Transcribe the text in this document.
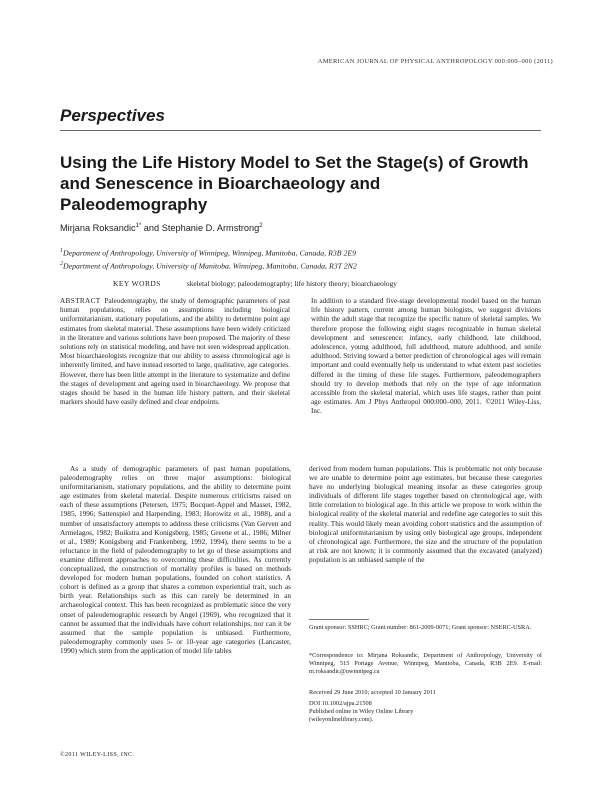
AMERICAN JOURNAL OF PHYSICAL ANTHROPOLOGY 000:000–000 (2011)
Perspectives
Using the Life History Model to Set the Stage(s) of Growth and Senescence in Bioarchaeology and Paleodemography
Mirjana Roksandic$^{1*}$ and Stephanie D. Armstrong$^2$
$^1$Department of Anthropology, University of Winnipeg, Winnipeg, Manitoba, Canada, R3B 2E9
$^2$Department of Anthropology, University of Manitoba, Winnipeg, Manitoba, Canada, R3T 2N2
KEY WORDS	skeletal biology; paleodemography; life history theory; bioarchaeology
ABSTRACT Paleodemography, the study of demographic parameters of past human populations, relies on assumptions including biological uniformitarianism, stationary populations, and the ability to determine point age estimates from skeletal material. These assumptions have been widely criticized in the literature and various solutions have been proposed. The majority of these solutions rely on statistical modeling, and have not seen widespread application. Most bioarchaeologists recognize that our ability to assess chronological age is inherently limited, and have instead resorted to large, qualitative, age categories. However, there has been little attempt in the literature to systematize and define the stages of development and ageing used in bioarchaeology. We propose that stages should be based in the human life history pattern, and their skeletal markers should have easily defined and clear endpoints.
In addition to a standard five-stage developmental model based on the human life history pattern, current among human biologists, we suggest divisions within the adult stage that recognize the specific nature of skeletal samples. We therefore propose the following eight stages recognizable in human skeletal development and senescence: infancy, early childhood, late childhood, adolescence, young adulthood, full adulthood, mature adulthood, and senile adulthood. Striving toward a better prediction of chronological ages will remain important and could eventually help us understand to what extent past societies differed in the timing of these life stages. Furthermore, paleodemographers should try to develop methods that rely on the type of age information accessible from the skeletal material, which uses life stages, rather than point age estimates. Am J Phys Anthropol 000:000–000, 2011. ©2011 Wiley-Liss, Inc.

As a study of demographic parameters of past human populations, paleodemography relies on three major assumptions: biological uniformitarianism, stationary populations, and the ability to determine point age estimates from skeletal material. Despite numerous criticisms raised on each of these assumptions (Petersen, 1975; Bocquet-Appel and Masset, 1982, 1985, 1996; Sattenspiel and Harpending, 1983; Horowitz et al., 1988), and a number of unsatisfactory attempts to address these criticisms (Van Gerven and Armelagos, 1982; Buikstra and Konigsberg, 1985; Greene et al., 1986; Milner et al., 1989; Konigsberg and Frankenberg, 1992, 1994), there seems to be a reluctance in the field of paleodemography to let go of these assumptions and examine different approaches to overcoming these difficulties. As currently conceptualized, the construction of mortality profiles is based on methods developed for modern human populations, founded on cohort statistics. A cohort is defined as a group that shares a common experiential trait, such as birth year. Relationships such as this can rarely be determined in an archaeological context. This has been recognized as problematic since the very onset of paleodemographic research by Angel (1969), who recognized that it cannot be assumed that the individuals have cohort relationships, nor can it be assumed that the sample population is unbiased. Furthermore, paleodemography commonly uses 5- or 10-year age categories (Lancaster, 1990) which stem from the application of model life tables

derived from modern human populations. This is problematic not only because we are unable to determine point age estimates, but because these categories have no underlying biological meaning insofar as these categories group individuals of different life stages together based on chronological age, with little correlation to biological age. In this article we propose to work within the biological reality of the skeletal material and redefine age categories to suit this reality. This would likely mean avoiding cohort statistics and the assumption of biological uniformitarianism by using only biological age groups, independent of chronological age. Furthermore, the size and the structure of the population at risk are not known; it is commonly assumed that the excavated (analyzed) population is an unbiased sample of the

Grant sponsor: SSHRC; Grant number: 861-2009-0071; Grant sponsor: NSERC-USRA.
*Correspondence to: Mirjana Roksandic, Department of Anthropology, University of Winnipeg, 515 Portage Avenue, Winnipeg, Manitoba, Canada, R3B 2E9. E-mail: m.roksandic@uwinnipeg.ca
Received 29 June 2010; accepted 10 January 2011
DOI 10.1002/ajpa.21508
Published online in Wiley Online Library
(wileyonlinelibrary.com).
©2011 WILEY-LISS, INC.
